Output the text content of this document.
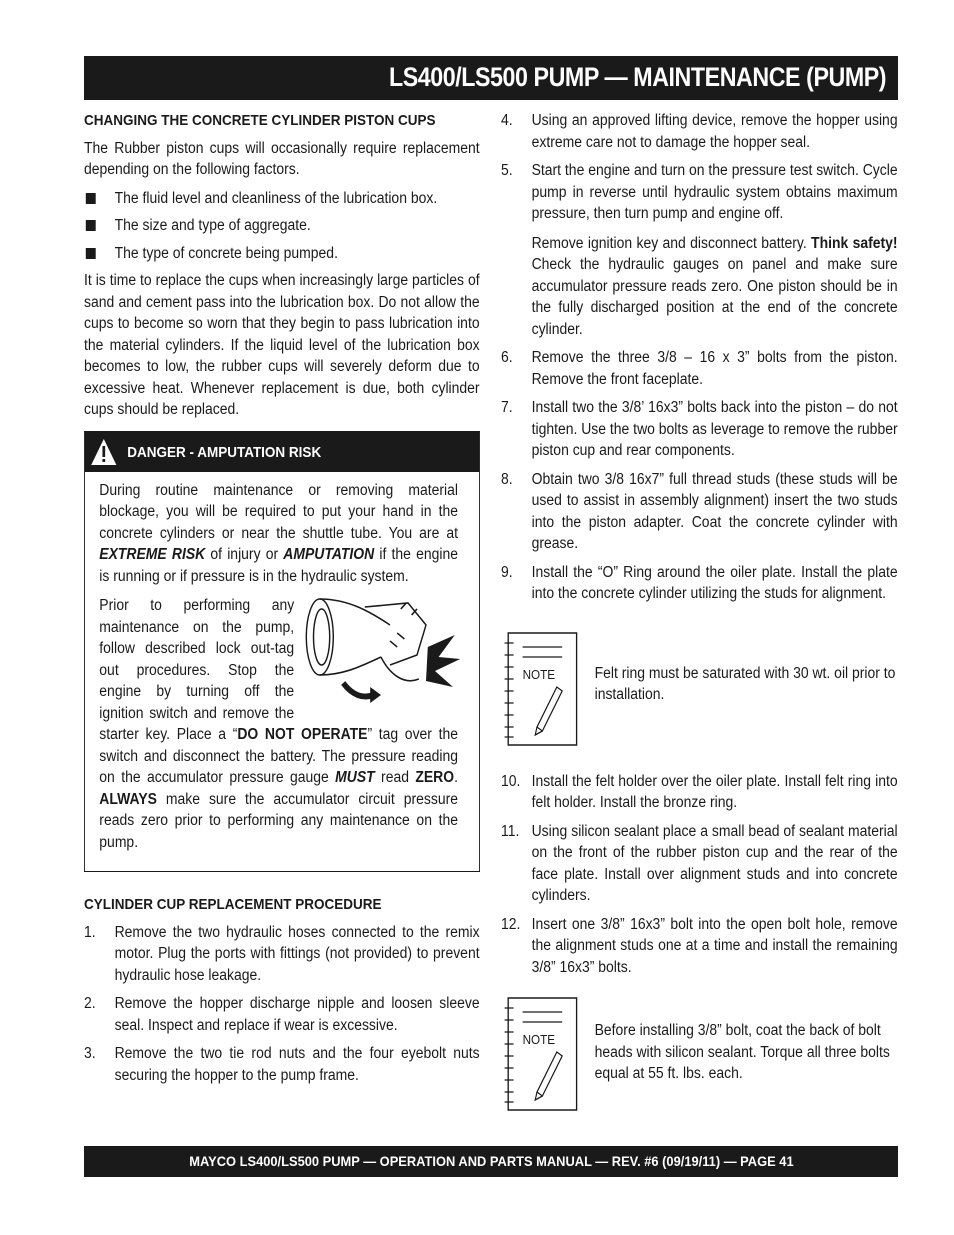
LS400/LS500 PUMP — MAINTENANCE (PUMP)
CHANGING THE CONCRETE CYLINDER PISTON CUPS

The Rubber piston cups will occasionally require replacement depending on the following factors.

The fluid level and cleanliness of the lubrication box.
The size and type of aggregate.
The type of concrete being pumped.

It is time to replace the cups when increasingly large particles of sand and cement pass into the lubrication box. Do not allow the cups to become so worn that they begin to pass lubrication into the material cylinders. If the liquid level of the lubrication box becomes to low, the rubber cups will severely deform due to excessive heat. Whenever replacement is due, both cylinder cups should be replaced.

DANGER - AMPUTATION RISK

During routine maintenance or removing material blockage, you will be required to put your hand in the concrete cylinders or near the shuttle tube. You are at EXTREME RISK of injury or AMPUTATION if the engine is running or if pressure is in the hydraulic system.

Prior to performing any maintenance on the pump, follow described lock out-tag out procedures. Stop the engine by turning off the ignition switch and remove the starter key. Place a “DO NOT OPERATE” tag over the switch and disconnect the battery. The pressure reading on the accumulator pressure gauge MUST read ZERO. ALWAYS make sure the accumulator circuit pressure reads zero prior to performing any maintenance on the pump.

CYLINDER CUP REPLACEMENT PROCEDURE
1. Remove the two hydraulic hoses connected to the remix motor. Plug the ports with fittings (not provided) to prevent hydraulic hose leakage.
2. Remove the hopper discharge nipple and loosen sleeve seal. Inspect and replace if wear is excessive.
3. Remove the two tie rod nuts and the four eyebolt nuts securing the hopper to the pump frame.
4. Using an approved lifting device, remove the hopper using extreme care not to damage the hopper seal.
5. Start the engine and turn on the pressure test switch. Cycle pump in reverse until hydraulic system obtains maximum pressure, then turn pump and engine off.

Remove ignition key and disconnect battery. Think safety! Check the hydraulic gauges on panel and make sure accumulator pressure reads zero. One piston should be in the fully discharged position at the end of the concrete cylinder.

6. Remove the three 3/8 – 16 x 3” bolts from the piston. Remove the front faceplate.
7. Install two the 3/8’ 16x3” bolts back into the piston – do not tighten. Use the two bolts as leverage to remove the rubber piston cup and rear components.
8. Obtain two 3/8 16x7” full thread studs (these studs will be used to assist in assembly alignment) insert the two studs into the piston adapter. Coat the concrete cylinder with grease.
9. Install the “O” Ring around the oiler plate. Install the plate into the concrete cylinder utilizing the studs for alignment.
NOTE	Felt ring must be saturated with 30 wt. oil prior to installation.
10. Install the felt holder over the oiler plate. Install felt ring into felt holder. Install the bronze ring.
11. Using silicon sealant place a small bead of sealant material on the front of the rubber piston cup and the rear of the face plate. Install over alignment studs and into concrete cylinders.
12. Insert one 3/8” 16x3” bolt into the open bolt hole, remove the alignment studs one at a time and install the remaining 3/8” 16x3” bolts.
NOTE
Before installing 3/8” bolt, coat the back of bolt heads with silicon sealant. Torque all three bolts equal at 55 ft. lbs. each.
MAYCO LS400/LS500 PUMP — OPERATION AND PARTS MANUAL — REV. #6 (09/19/11) — PAGE 41
